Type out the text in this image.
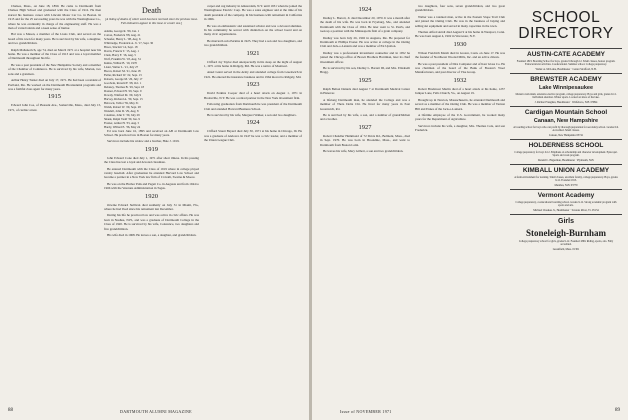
Chelsea, Mass., on June 18, 1890. He came to Dartmouth from Chelsea High School and graduated with the Class of 1912. He then started his business career with Lincoln Motor Car Co. in Boston. In 1915 and for the 25 succeeding years he was with the Westinghouse Co., where he was eventually in charge of the engineering staff. He was a man of varied talents and a keen sense of humor.

Hal was a Mason, a member of the Lions Club, and served on the board of his town for many years. He is survived by his wife, a daughter, and two grandchildren.

Ralph Mahanovich, age 74, died on March 1971 at a hospital near his home. He was a member of the Class of 1913 and was a loyal member of Dartmouth throughout his life.

He was a past president of the New Hampshire Society and a member of the Chamber of Commerce. He is survived by his wife, Marian, two sons and a grandson.

Arthur Henry Turner died on July 17, 1971. He had been a resident of Portland, Me. He worked on the Dartmouth Bicentennial programs and was a faithful class agent for many years.

1915

Edward John Coe, of Pleasant Ave., Somerville, Mass., died July 15, 1971, of cardiac arrest.

Death
[A listing of deaths of which word has been received since the previous issue. Full obituaries appear in this issue or a later one.]
Adams, George R. '06, Jan. 1
Cotton, Frederick '08, Aug. 21
Schaefer, Henry L. '08, Aug. 6
Whittredge, Frederick A. Jr. '17, Sept. 30
Brace, Sinclair '14, Sept. 18
Dorris, Francis T. '15, Aug. 1
Clark, Harry F. '16, Aug. 5
Wolf, Franklin W. '18, Aug. 31
Kuhns, Wilbur B. '19, 1970
Lister, Walter L. '21, July 27
Bacon, Robert M. '21, June 18
Fuller, Richard W. '22, Sept. 13
Roberts, George M. '26, July 17
Goodwin, Ronald F. '28, Oct. 1
Delaney, Thomas B. '29, Sept. 18
Donner, Edward H. '29, Sept. 9
Dowdy, Winfred M. '29, July 9
Harvey, Richard A. '30, Sept. 15
Babcock, Talbot '39, May 31
Walsh, Robert W. '29, Sept. 28
Wendell, John D. '29, Aug. 8
Coleman, John T. '30, July 29
Shank, Ralph Vedd '30, Jan. 9
Frazier, Arthur H. '33, Aug. 5
Hardy, Willard E. '36, May 24

Ed was born June 16, 1895 and received an AB at Dartmouth Law School. He practiced law in Boston for many years.

Survivors include his widow and a brother, Hale J. 1919.

1919

John Edward Cone died July 1, 1971 after short illness. In his passing the Class has lost a loyal and devoted classmate.

He entered Dartmouth with the Class of 1919 where in college played varsity baseball. After graduation he attended Harvard Law School and became a partner in a New York law firm of Cravath, Swaine & Moore.

He was on the Harbor Polk and Pagett Co. in Augusta and from 1944 to 1966 with the Veterans Administration in Togus.

1920

Oswine Edward Sullivan died suddenly on July 31 in Miami, Fla., where he had lived since his retirement last December.

During his life he practiced law and was active in civic affairs. He was born in Nashua, N.H., and was a graduate of Dartmouth College in the Class of 1920. He is survived by his wife, Constance, two daughters and five grandchildren.

His wife died in 1968. He leaves a son, a daughter, and grandchildren.

carpet and rug industry in Amsterdam, N.Y. until 1931 when he joined the Westinghouse Electric Corp. He was a sales engineer and at the time of his death president of the company. In his business with retirement in California in 1966.

He was an enthusiastic and sustained scholar and was a devoted alumnus. In his community he served with distinction on the school board and on many civic organizations.

He married Lucia Perkins in 1925. They had a son and two daughters, and two grandchildren.

1921

Clifford Jay Taylor died unexpectedly in his sleep on the night of August 1, 1971 at his home in Ridgely, Md. He was a native of Montreal.

Ansel Grant served in the Army and attended college from Greenwich in 1921. He entered the insurance business and in 1964 moved to Ridgely, Md.

1923

David Perkins Cooper died of a heart attack on August 1, 1971 in Bronxville, N.Y. He was a retired partner in the New York investment firm.

Following graduation from Dartmouth he was president of the Dartmouth Club and attended Harvard Business School.

He is survived by his wife, Margaret Walker, a son and two daughters.

1924

Clifford Stuart Bayard died July 30, 1971 at his home in Chicago, Ill. He was a graduate of Andover. In 1947 he was a civic leader, and a member of the Union League Club.

88	DARTMOUTH ALUMNI MAGAZINE
1924

Dudley L. Barrett, Jr. died December 20, 1970. It was a month after the death of his wife. He was born in Fryeburg, Me., and attended Dartmouth with the Class of 1924. He later went to St. Paul's, and took up a position with the Minneapolis firm of a grain company.

Dudley was born July 26, 1902 in Augusta, Me. He prepared for Dartmouth at Phillips Exeter. He was active at college in the Outing Club and Jack-o-Lantern and was a member of Psi Upsilon.

Dudley was a professional investment counsellor and in 1952 he joined the Chicago office of Brown Brothers Harriman, later its chief investment officer.

He is survived by his son, Dudley L. Barrett III, and Mrs. Elizabeth Bragg.

1925

Ralph Belton Daniels died August 7 at Dartmouth Medical Center in Hanover.

A lifelong Dartmouth man, he attended the College and was a member of Theta Delta Chi. He lived for many years in East Greenwich, R.I.

He is survived by his wife, a son, and a number of grandchildren and a brother.

1927

Robert Chandler Hammond of 72 Davis Rd., Belmont, Mass., died in Sept. 1970. He was born in Brookline, Mass., and went to Dartmouth from Boston Latin.

He leaves his wife, Mary Gilbert, a son and two grandchildren.

two daughters, four sons, seven grandchildren, and two great grandchildren.

Walter was a talented man, active in the Eastern Slope Trail Club and joined the Outing Club. He was in the business of buying and selling ski equipment and served in many capacities in the town.

Thomas Alfred Arndt died August 9 at his home in Westport, Conn. He was born August 4, 1902 in Worcester, N.Y.

1930

Wilson Freidrich Marsh died in Groton, Conn. on June 17. He was the founder of Northwest Wooled Mills, Inc. and an active citizen.

He was a past president of Dira Computer and of Kerr Glass Co. He was chairman of the board of the Bank of Boston's Wool Manufacturers, and past director of Vise Group.

1932

Robert Bradstreet Martin died of a heart attack at his home, 1237 Juniper Lane, Falls Church, Va., on August 19.

Brought up in Newton, Massachusetts, he attended Dartmouth and served as a member of the Outing Club. He was a member of Vernon Hill and Ennes of the Jack-o-Lantern.

A lifetime employee of the U.S. Government, he worked many years for the Department of Agriculture.

Survivors include his wife, a daughter, Mrs. Thomas Cole, and son Frederick.

SCHOOL DIRECTORY
AUSTIN-CATE ACADEMY
Founded 1823. Boarding School for boys, grades 9 through 12. Small classes, honors program. Extracurricular activities. Coeducational. Summer school. College preparatory.
Walter A. McLaine, Headmaster · Center Strafford, N.H.
BREWSTER ACADEMY
Lake Winnipesaukee
Modern curriculum, extensive elective program, college preparatory. Boys and girls, grades 9-12. Individual attention. Winter sports. Located on shore of the lake.
J. Richard Vaughan, Headmaster · Wolfeboro, N.H. 03894
Cardigan Mountain School
Canaan, New Hampshire
A boarding school for boys who can profit by thorough preparation for secondary school. Grades 6-9. Accredited. Small classes.
Canaan, New Hampshire 03741
HOLDERNESS SCHOOL
College preparatory for boys 9-12. Emphasis on scholarship and character development. Episcopal. Sports and work program.
Donald C. Hagerman, Headmaster · Plymouth, N.H.
KIMBALL UNION ACADEMY
A fresh environment for learning. Small classes, excellent faculty, college preparatory. Boys, grades 9-12. Founded 1813.
Meriden, N.H. 03770
Vermont Academy
College preparatory, coeducational boarding school. Grades 9-12. Strong academic program with sports and arts.
Michael Choukas Jr., Headmaster · Saxtons River, Vt. 05154
Girls
Stoneleigh-Burnham
College preparatory school for girls, grades 9-12. Founded 1869. Riding, sports, arts. Fully accredited.
Greenfield, Mass. 01301
Issue of NOVEMBER 1971	89
